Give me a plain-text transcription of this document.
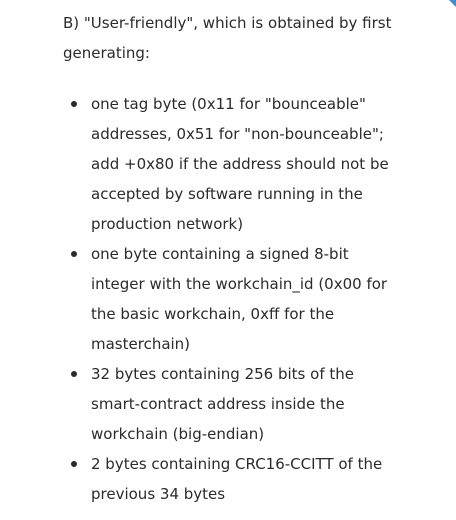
B) "User-friendly", which is obtained by first
generating:
one tag byte (0x11 for "bounceable"
addresses, 0x51 for "non-bounceable";
add +0x80 if the address should not be
accepted by software running in the
production network)
one byte containing a signed 8-bit
integer with the workchain_id (0x00 for
the basic workchain, 0xff for the
masterchain)
32 bytes containing 256 bits of the
smart-contract address inside the
workchain (big-endian)
2 bytes containing CRC16-CCITT of the
previous 34 bytes
